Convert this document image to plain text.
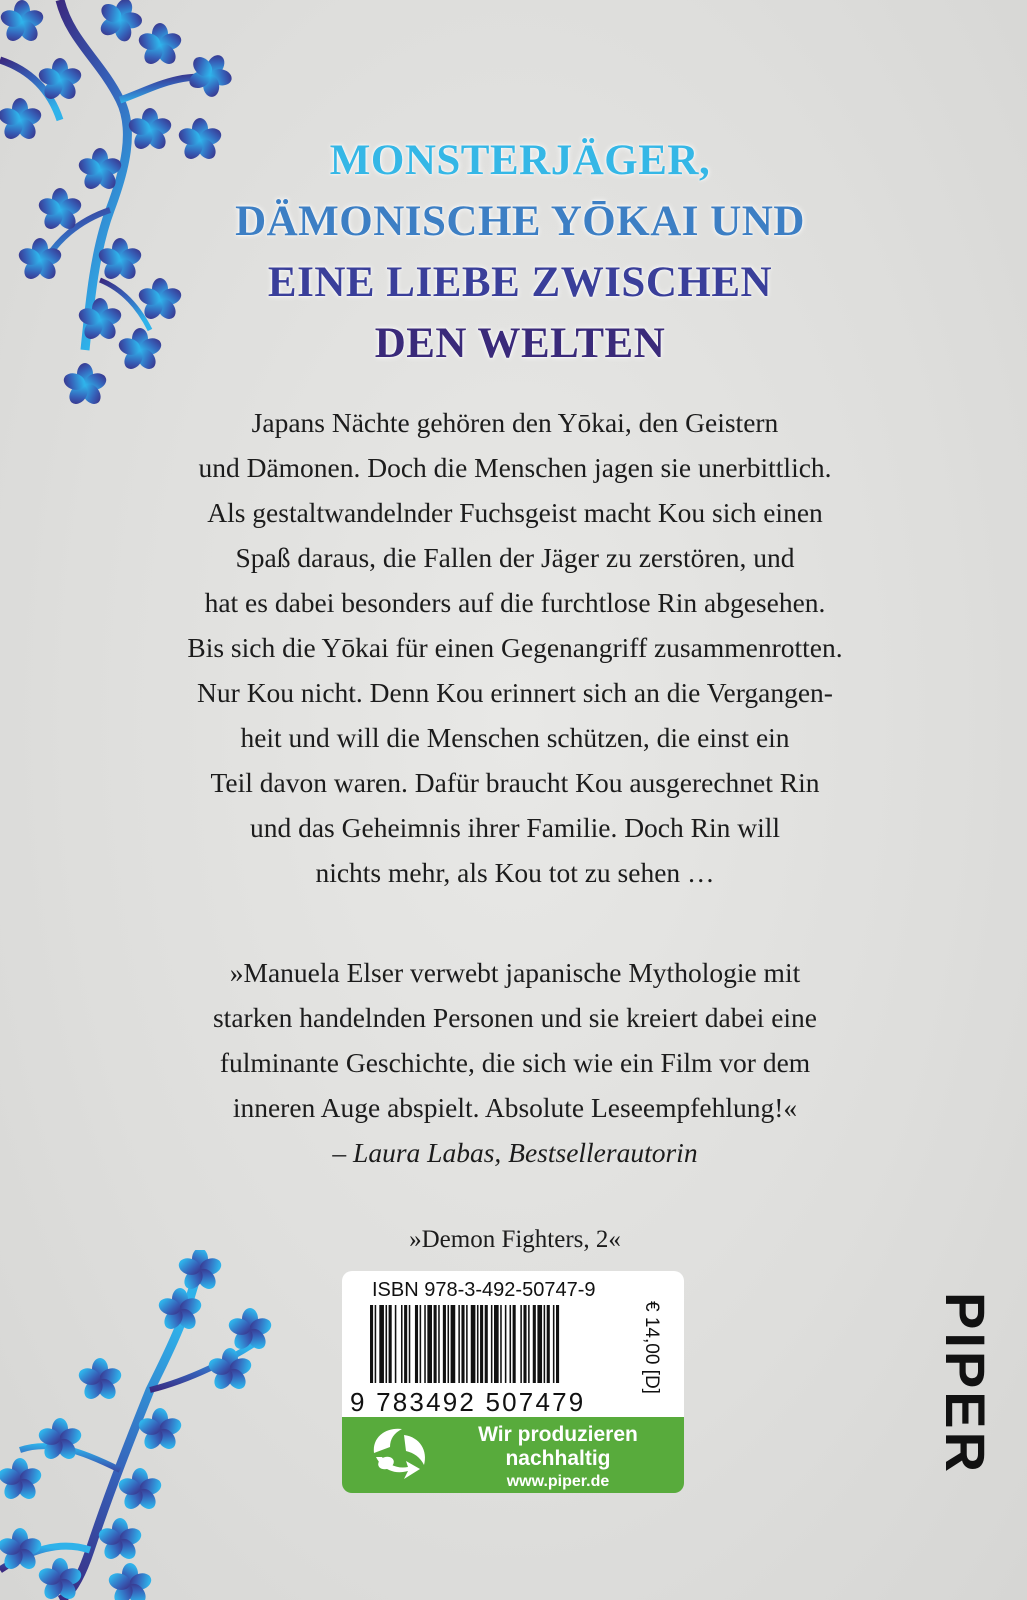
MONSTERJÄGER,
DÄMONISCHE YŌKAI UND
EINE LIEBE ZWISCHEN
DEN WELTEN
Japans Nächte gehören den Yōkai, den Geistern
und Dämonen. Doch die Menschen jagen sie unerbittlich.
Als gestaltwandelnder Fuchsgeist macht Kou sich einen
Spaß daraus, die Fallen der Jäger zu zerstören, und
hat es dabei besonders auf die furchtlose Rin abgesehen.
Bis sich die Yōkai für einen Gegenangriff zusammenrotten.
Nur Kou nicht. Denn Kou erinnert sich an die Vergangen-
heit und will die Menschen schützen, die einst ein
Teil davon waren. Dafür braucht Kou ausgerechnet Rin
und das Geheimnis ihrer Familie. Doch Rin will
nichts mehr, als Kou tot zu sehen …
»Manuela Elser verwebt japanische Mythologie mit
starken handelnden Personen und sie kreiert dabei eine
fulminante Geschichte, die sich wie ein Film vor dem
inneren Auge abspielt. Absolute Leseempfehlung!«
– Laura Labas, Bestsellerautorin
»Demon Fighters, 2«
ISBN 978-3-492-50747-9
9 783492 507479
€ 14,00 [D]
Wir produzieren
nachhaltig
www.piper.de
PIPER
